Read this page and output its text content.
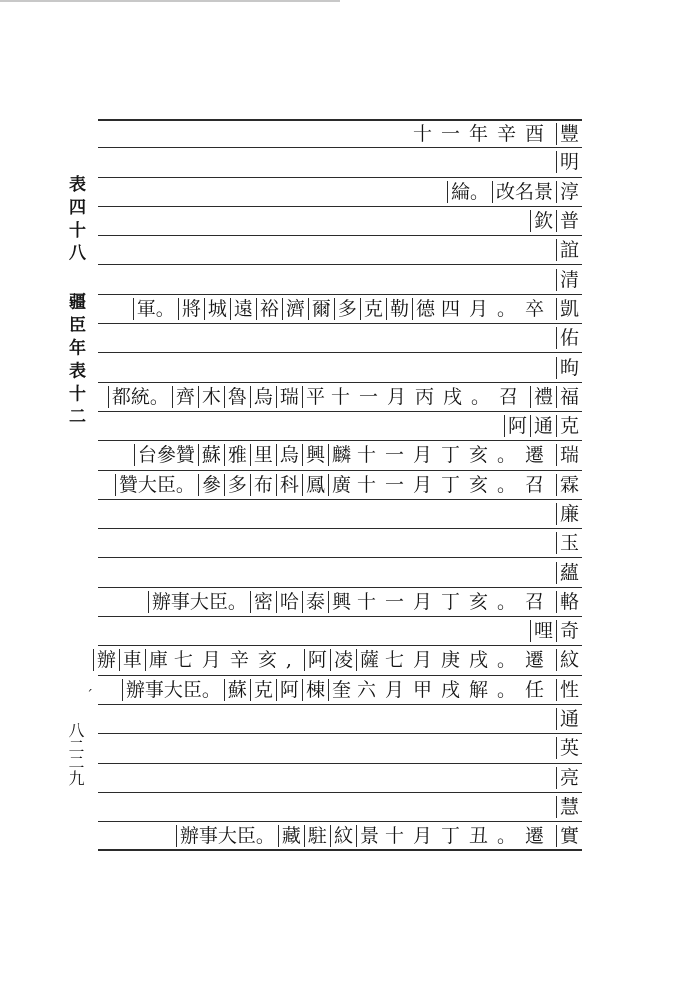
表 四 十 八  疆 臣 年 表 十 二
ˊ
八二二九
豐
十一年辛酉
明
淳
改名景
綸。
普
欽
誼
清
凱
四月。卒
德
勒
克
多
爾
濟
裕
遠
城
將
軍。
佑
昫
福
禮
十一月丙戌。召
平
瑞
烏
魯
木
齊
都統。
克
通
阿
瑞
十一月丁亥。遷
麟
興
烏
里
雅
蘇
台參贊
霖
十一月丁亥。召
廣
鳳
科
布
多
參
贊大臣。
廉
玉
蘊
輅
十一月丁亥。召
興
泰
哈
密
辦事大臣。
奇
哩
紋
七月庚戌。遷
薩
凌
阿
七月辛亥,
庫
車
辦
性
六月甲戌解。任
奎
棟
阿
克
蘇
辦事大臣。
通
英
亮
慧
實
十月丁丑。遷
景
紋
駐
藏
辦事大臣。
